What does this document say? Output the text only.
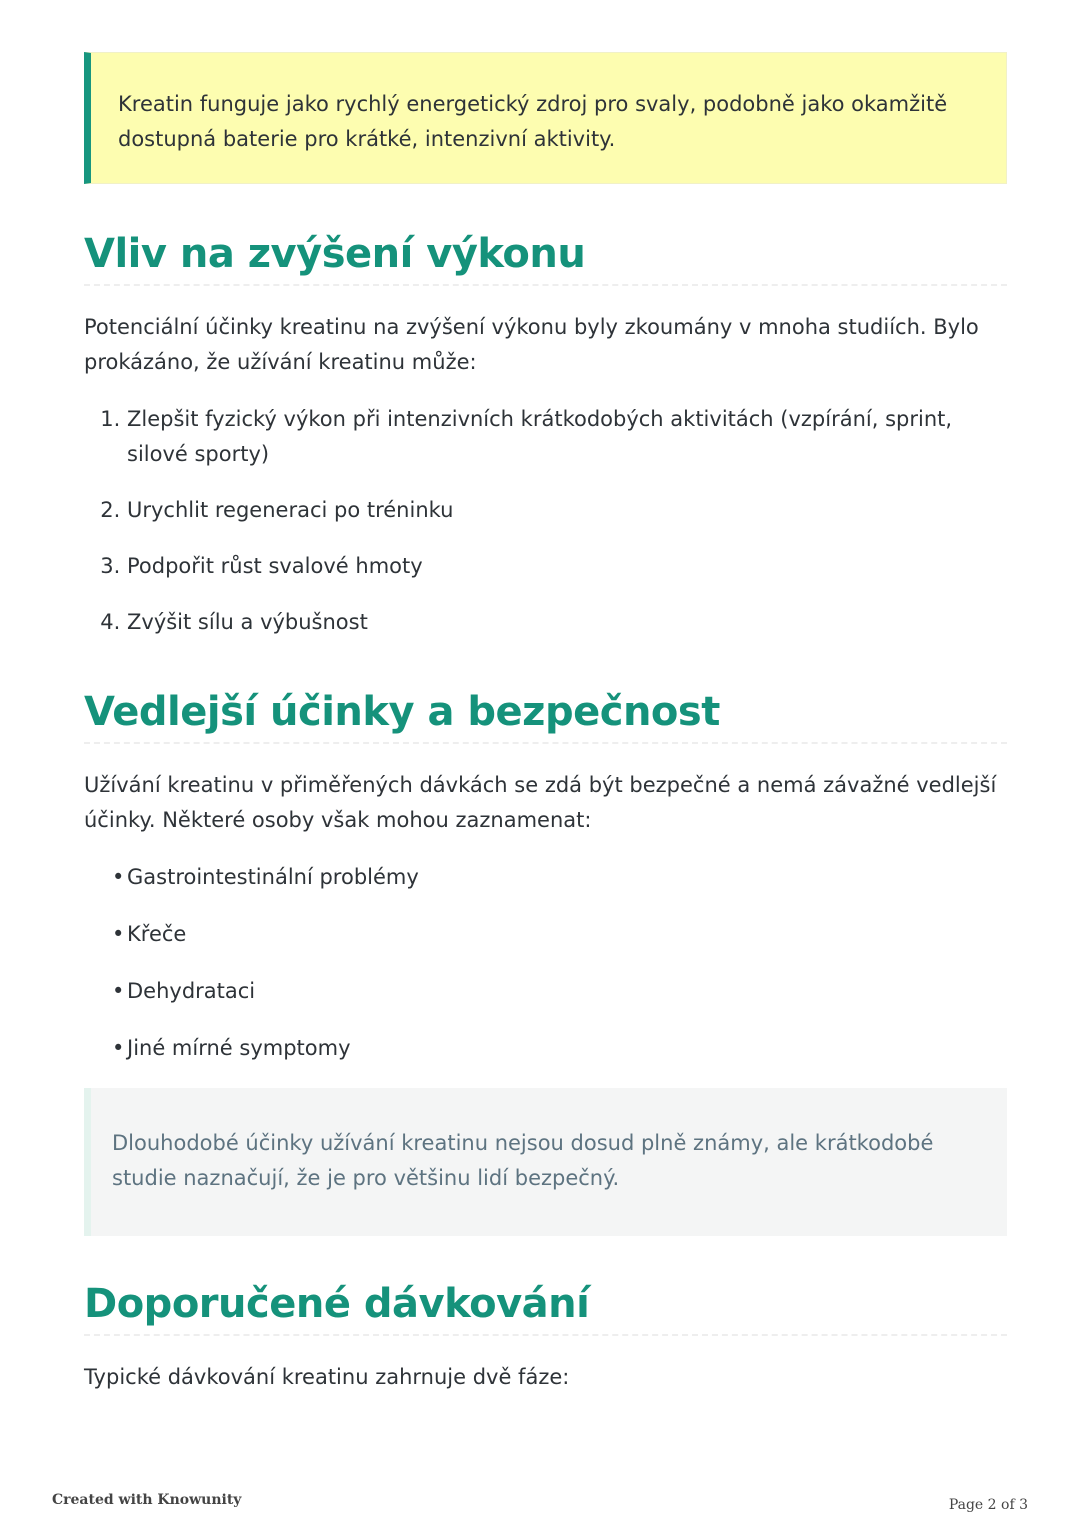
Kreatin funguje jako rychlý energetický zdroj pro svaly, podobně jako okamžitě dostupná baterie pro krátké, intenzivní aktivity.

Vliv na zvýšení výkonu

Potenciální účinky kreatinu na zvýšení výkonu byly zkoumány v mnoha studiích. Bylo prokázáno, že užívání kreatinu může:

1. Zlepšit fyzický výkon při intenzivních krátkodobých aktivitách (vzpírání, sprint, silové sporty)
2. Urychlit regeneraci po tréninku
3. Podpořit růst svalové hmoty
4. Zvýšit sílu a výbušnost
Vedlejší účinky a bezpečnost

Užívání kreatinu v přiměřených dávkách se zdá být bezpečné a nemá závažné vedlejší účinky. Některé osoby však mohou zaznamenat:

• Gastrointestinální problémy
• Křeče
• Dehydrataci
• Jiné mírné symptomy

Dlouhodobé účinky užívání kreatinu nejsou dosud plně známy, ale krátkodobé studie naznačují, že je pro většinu lidí bezpečný.

Doporučené dávkování

Typické dávkování kreatinu zahrnuje dvě fáze:

Created with Knowunity	Page 2 of 3
